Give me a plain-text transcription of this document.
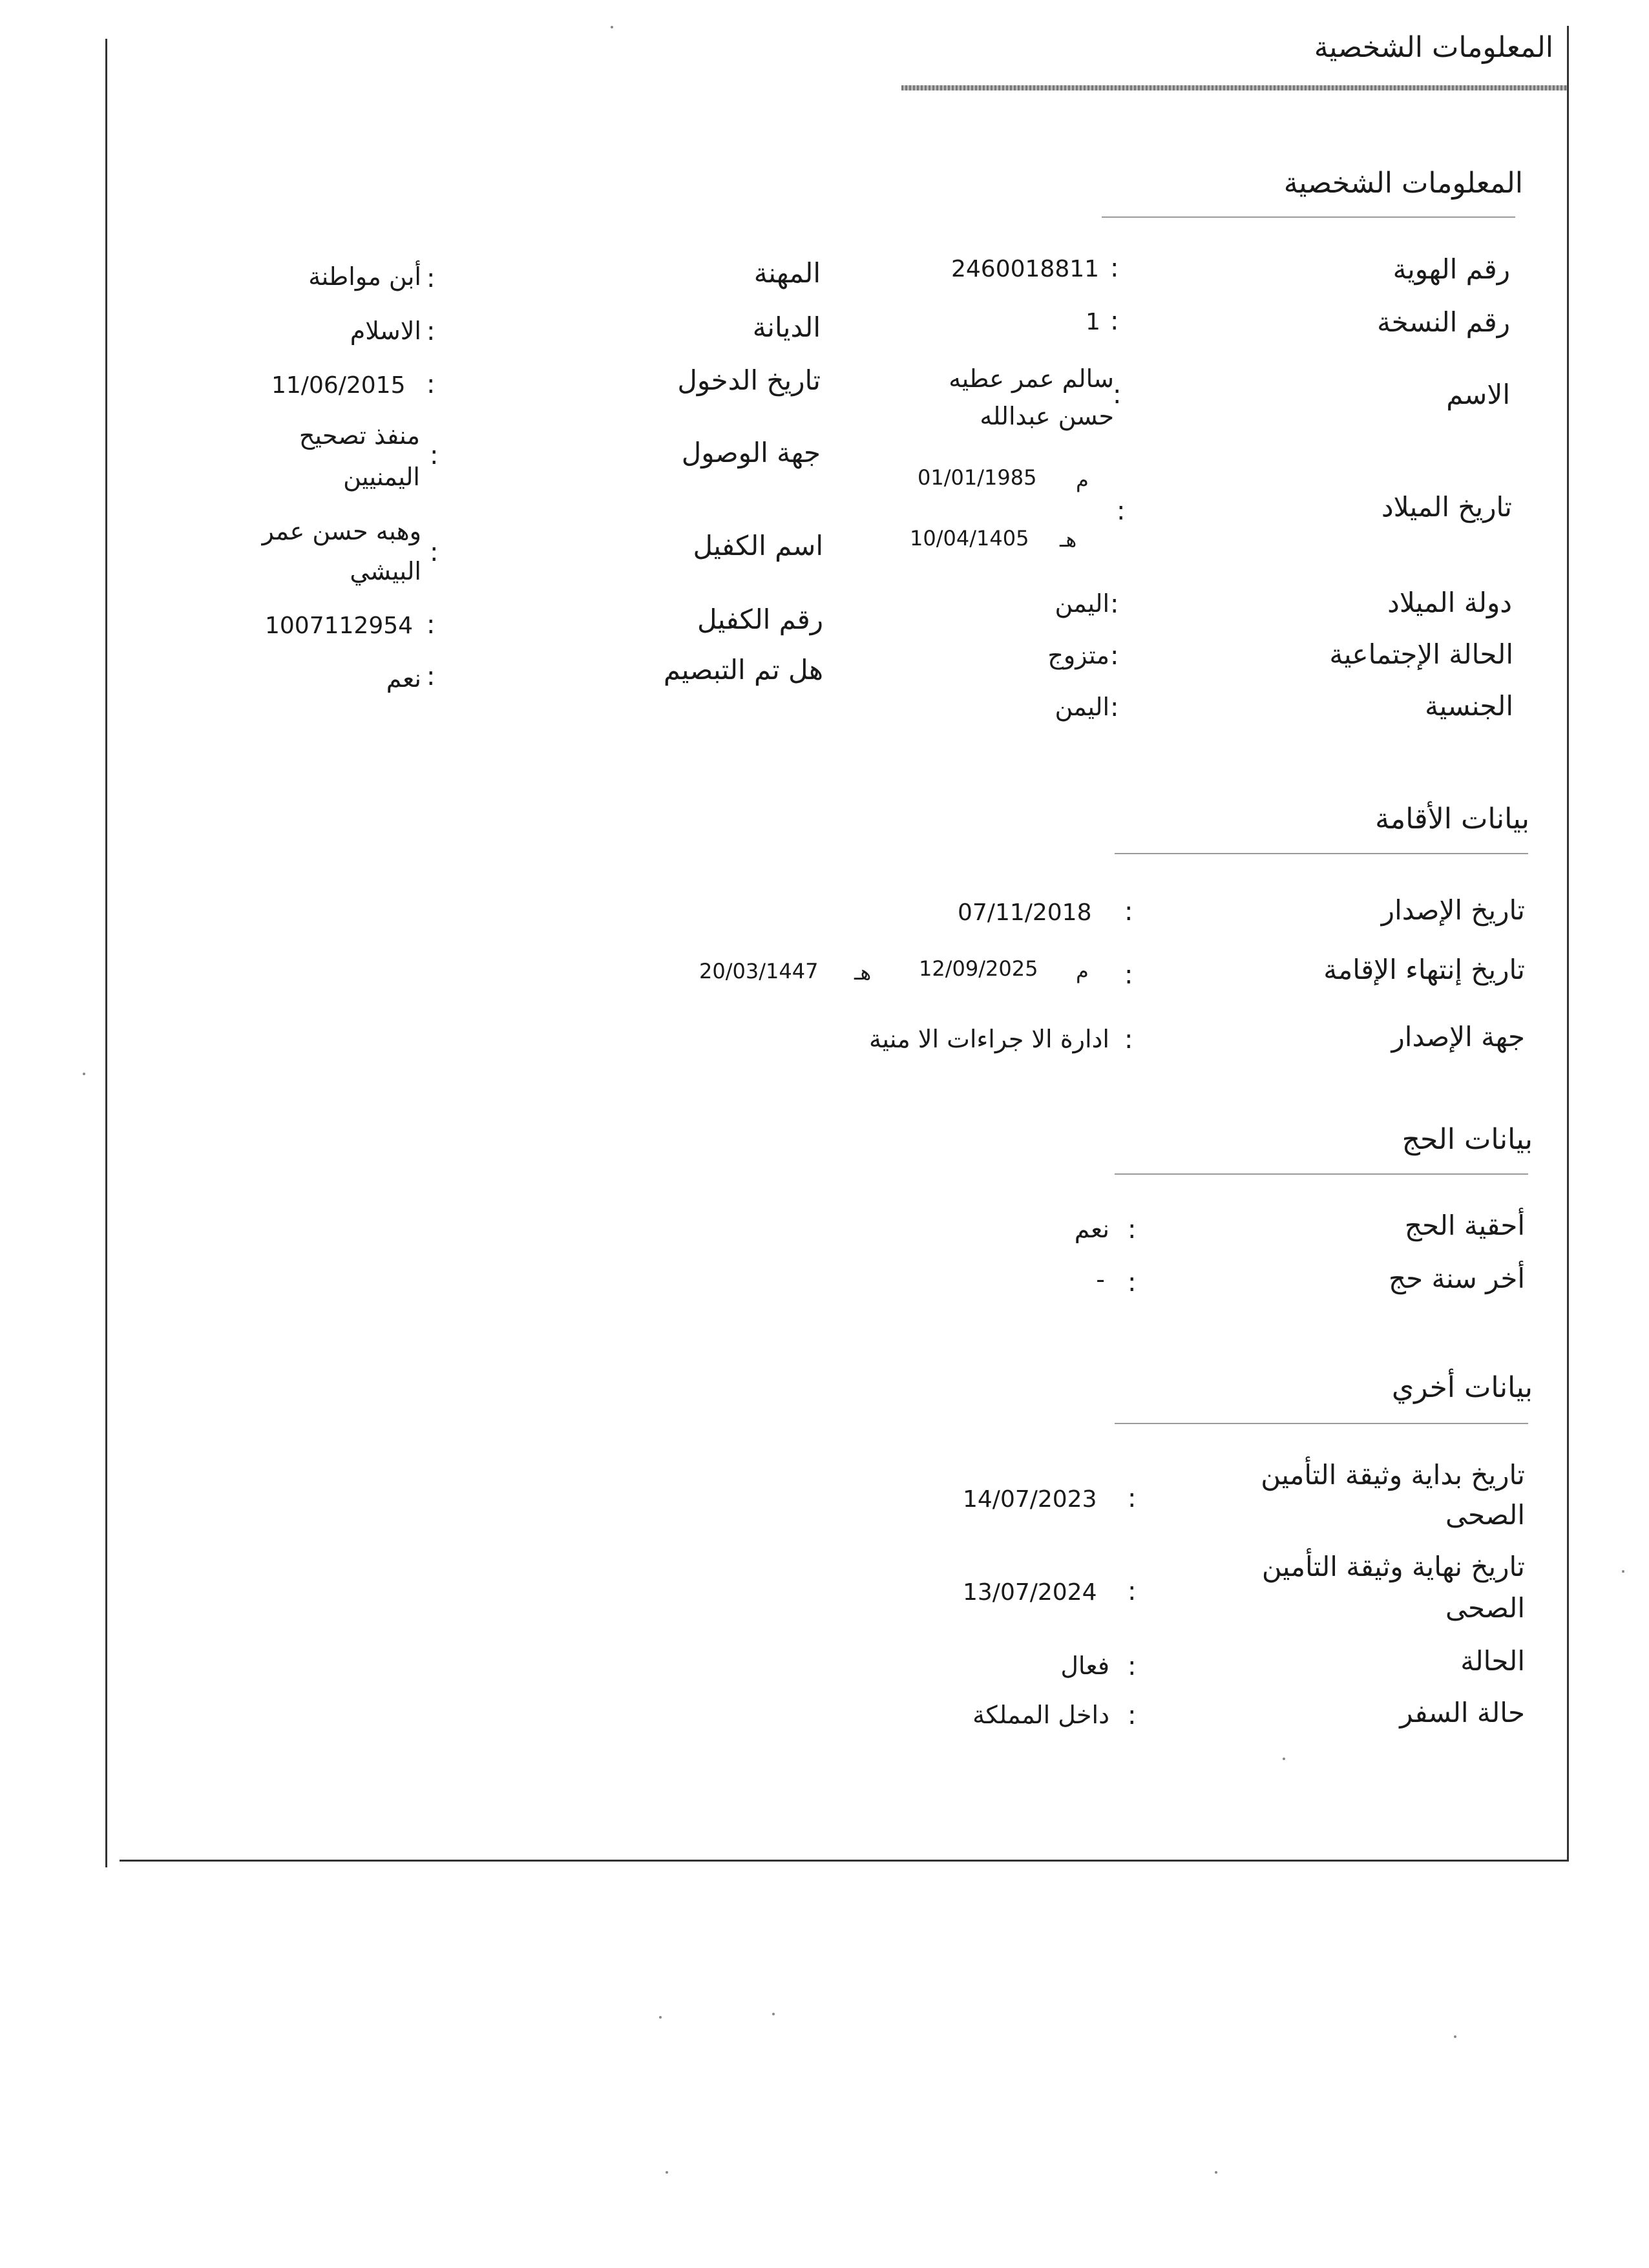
المعلومات الشخصية
المعلومات الشخصية
رقم الهوية
رقم النسخة
الاسم
تاريخ الميلاد
دولة الميلاد
الحالة الإجتماعية
الجنسية
:
:
:
:
:
:
:
2460018811
1
سالم عمر عطيه
حسن عبدالله
م
01/01/1985
هـ
10/04/1405
اليمن
متزوج
اليمن
المهنة
الديانة
تاريخ الدخول
جهة الوصول
اسم الكفيل
رقم الكفيل
هل تم التبصيم
:
:
:
:
:
:
:
أبن مواطنة
الاسلام
11/06/2015
منفذ تصحيح
اليمنيين
وهبه حسن عمر
البيشي
1007112954
نعم
بيانات الأقامة
تاريخ الإصدار
:
07/11/2018
تاريخ إنتهاء الإقامة
:
م
12/09/2025
هـ
20/03/1447
جهة الإصدار
:
ادارة الا جراءات الا منية
بيانات الحج
أحقية الحج
:
نعم
أخر سنة حج
:
-
بيانات أخري
تاريخ بداية وثيقة التأمين
الصحى
:
14/07/2023
تاريخ نهاية وثيقة التأمين
الصحى
:
13/07/2024
الحالة
:
فعال
حالة السفر
:
داخل المملكة
